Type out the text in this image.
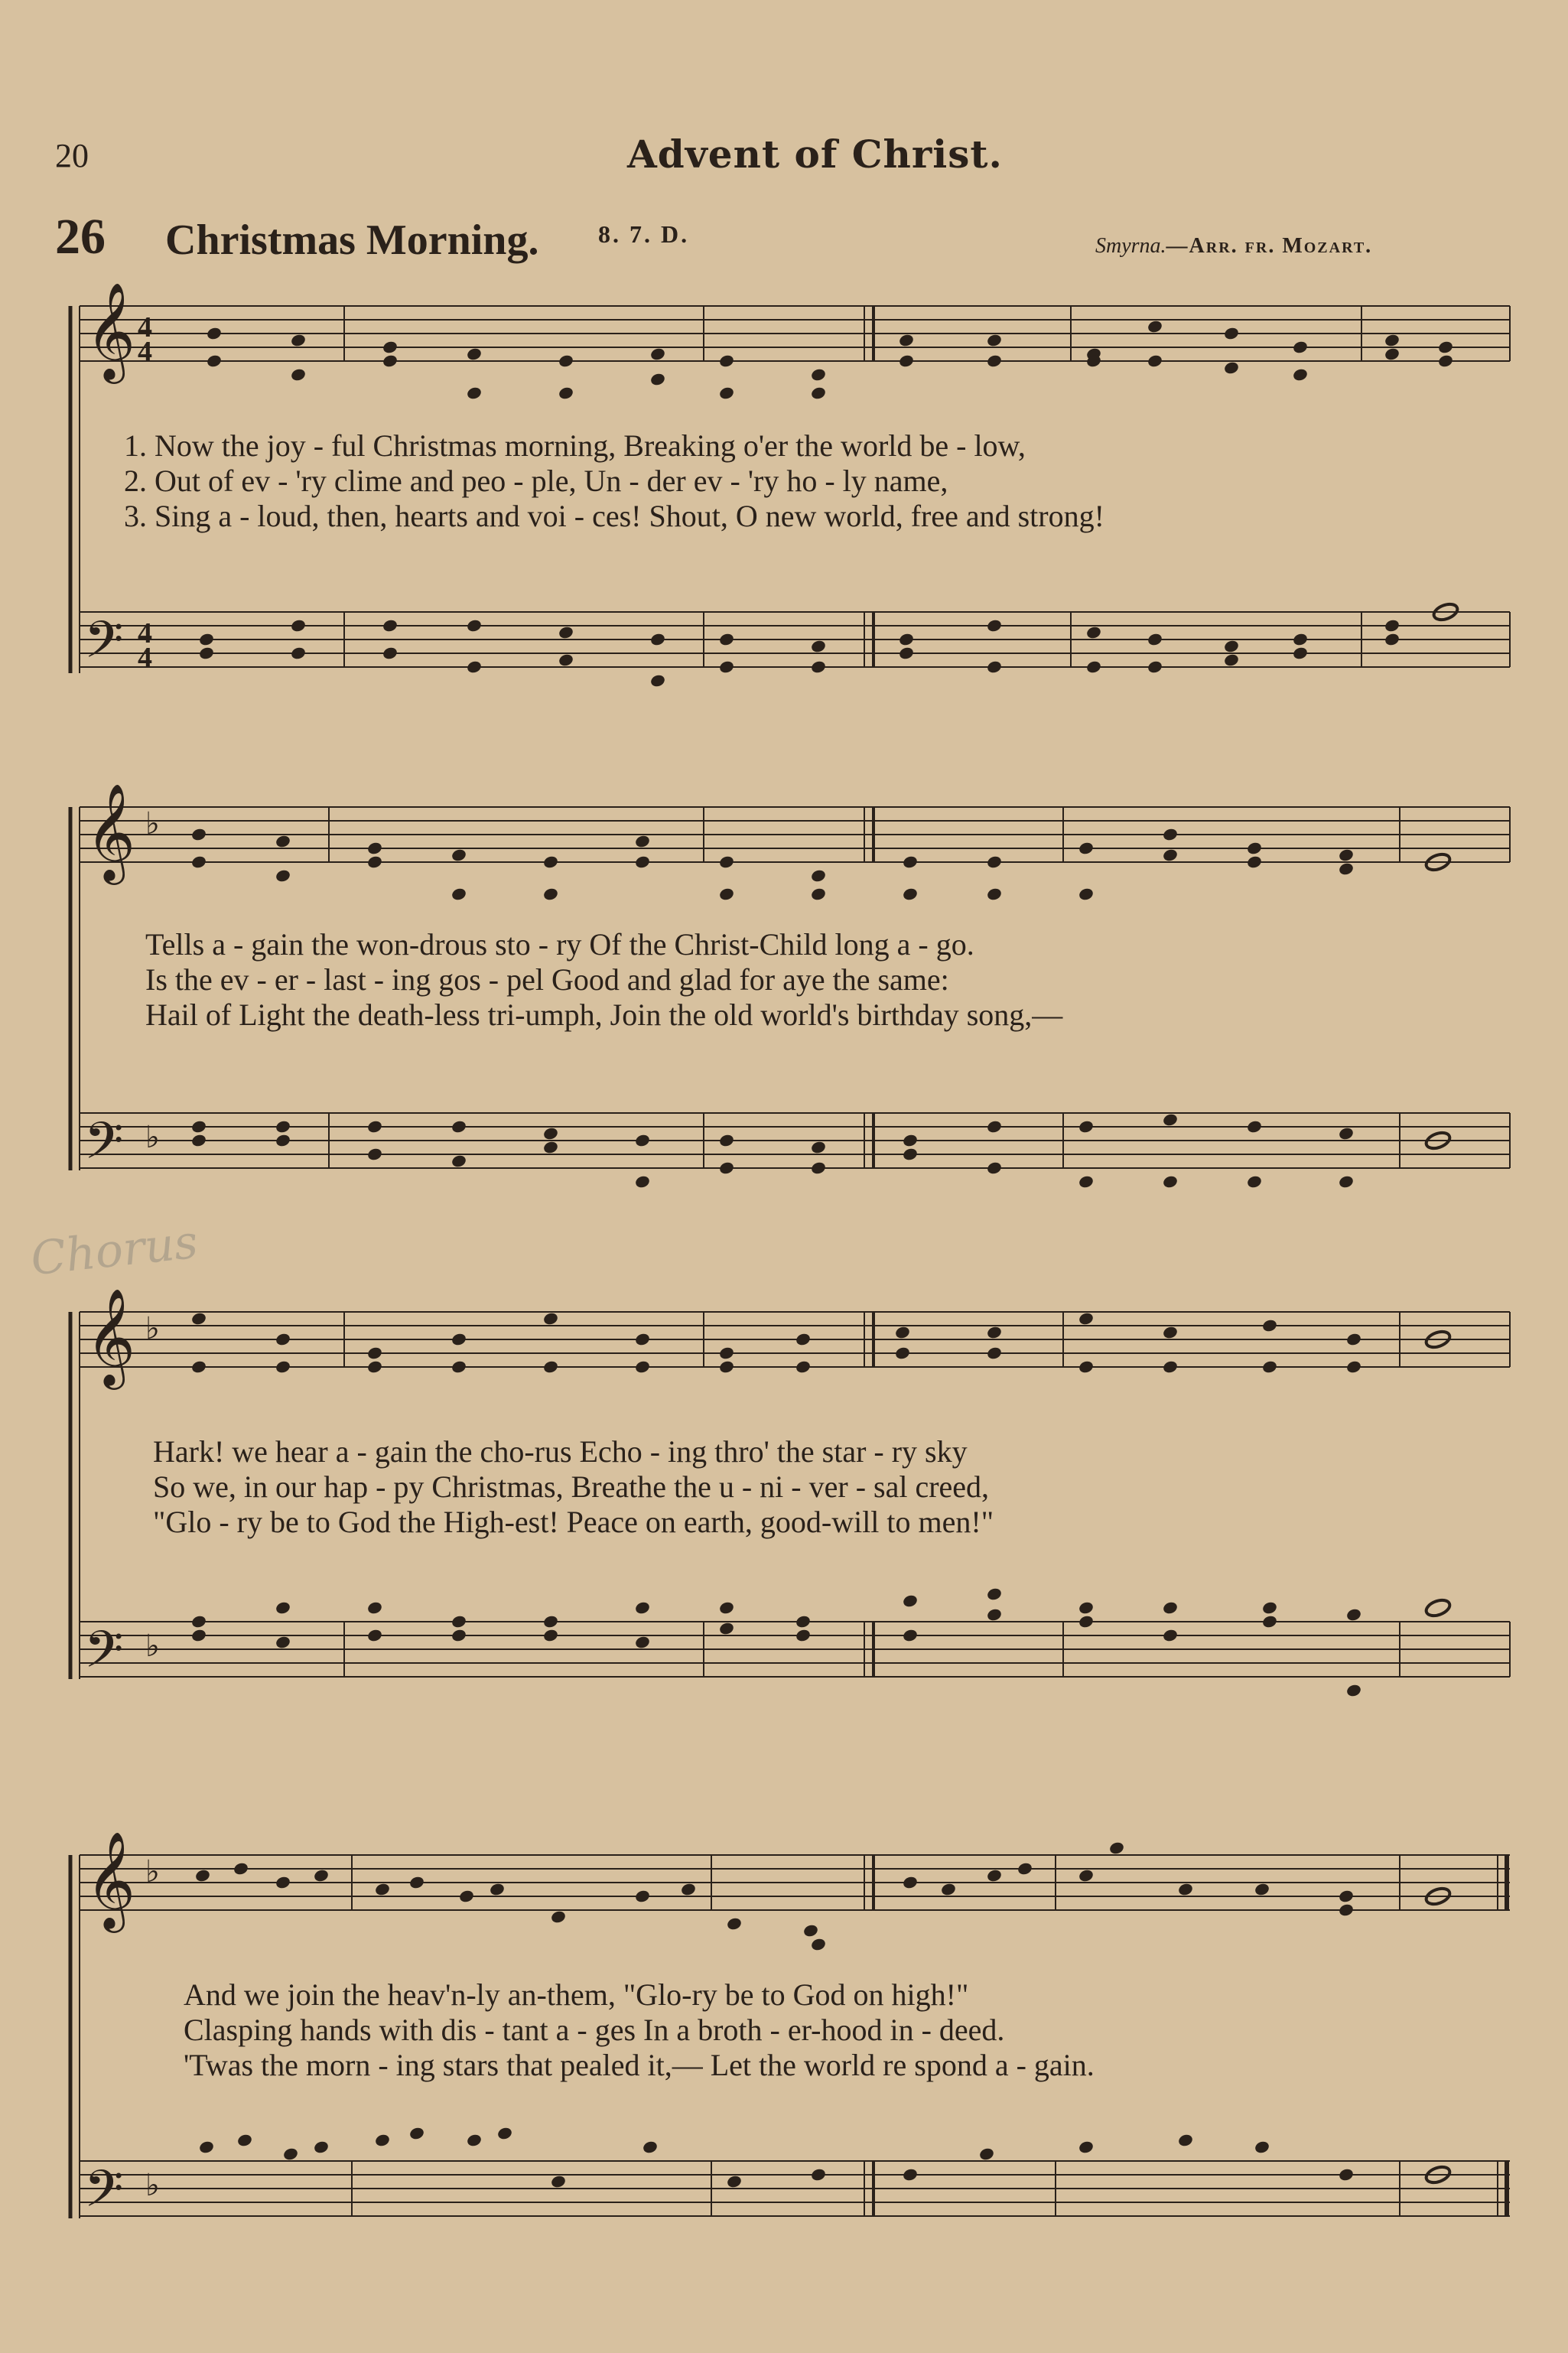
𝄞
𝄢
4
4
4
4
𝄞
𝄢
♭
♭
𝄞
𝄢
♭
♭
𝄞
𝄢
♭
♭
20	Advent of Christ.
26 Christmas Morning. 8. 7. D.	Smyrna.—Arr. fr. Mozart.
Chorus
1. Now the joy - ful Christmas morning, Breaking o'er the world be - low,
2. Out of ev - 'ry clime and peo - ple, Un - der ev - 'ry ho - ly name,
3. Sing a - loud, then, hearts and voi - ces! Shout, O new world, free and strong!
Tells a - gain the won-drous sto - ry Of the Christ-Child long a - go.
Is the ev - er - last - ing gos - pel Good and glad for aye the same:
Hail of Light the death-less tri-umph, Join the old world's birthday song,—
Hark! we hear a - gain the cho-rus Echo - ing thro' the star - ry sky
So we, in our hap - py Christmas, Breathe the u - ni - ver - sal creed,
"Glo - ry be to God the High-est! Peace on earth, good-will to men!"
And we join the heav'n-ly an-them, "Glo-ry be to God on high!"
Clasping hands with dis - tant a - ges In a broth - er-hood in - deed.
'Twas the morn - ing stars that pealed it,— Let the world re spond a - gain.
